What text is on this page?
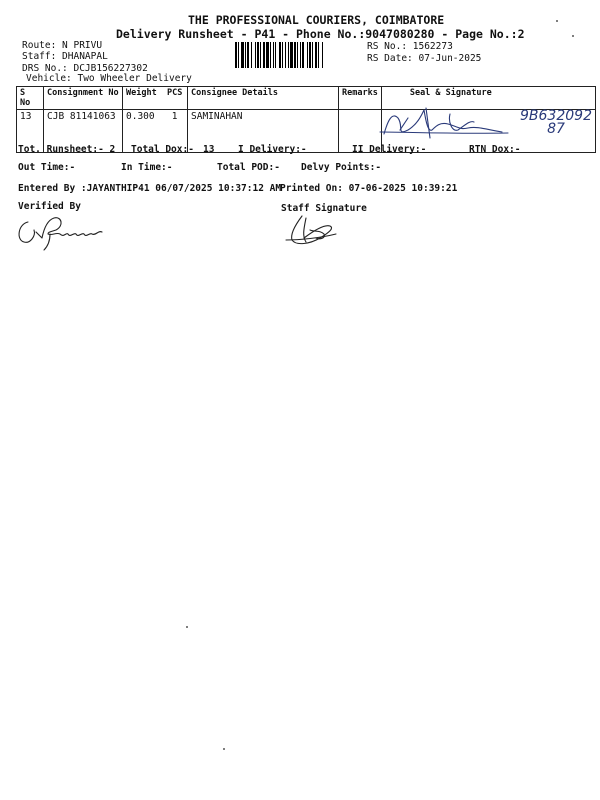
THE PROFESSIONAL COURIERS, COIMBATORE
Delivery Runsheet - P41 - Phone No.:9047080280 - Page No.:2
Route: N PRIVU
Staff: DHANAPAL
DRS No.: DCJB156227302
Vehicle: Two Wheeler Delivery
RS No.: 1562273
RS Date: 07-Jun-2025
S No	Consignment No	Weight PCS	Consignee Details	Remarks	Seal & Signature
13	CJB 81141063	0.300 1	SAMINAHAN			9B632092 87
Tot. Runsheet:- 2 Total Dox:- 13 I Delivery:-	II Delivery:-	RTN Dox:-
Out Time:-	In Time:-	Total POD:- Delvy Points:-
Entered By :JAYANTHIP41 06/07/2025 10:37:12 AM
Printed On: 07-06-2025 10:39:21
Verified By	Staff Signature
